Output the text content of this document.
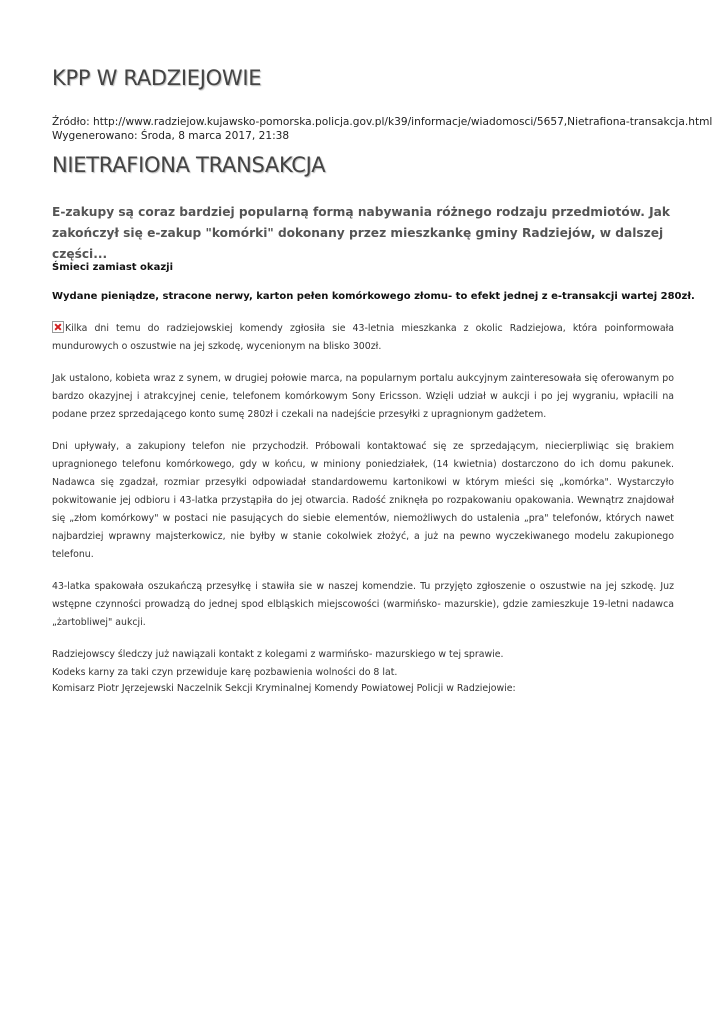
KPP W RADZIEJOWIE
Źródło: http://www.radziejow.kujawsko-pomorska.policja.gov.pl/k39/informacje/wiadomosci/5657,Nietrafiona-transakcja.html
Wygenerowano: Środa, 8 marca 2017, 21:38
NIETRAFIONA TRANSAKCJA
E-zakupy są coraz bardziej popularną formą nabywania różnego rodzaju przedmiotów. Jak zakończył się e-zakup "komórki" dokonany przez mieszkankę gminy Radziejów, w dalszej części...
Śmieci zamiast okazji
Wydane pieniądze, stracone nerwy, karton pełen komórkowego złomu- to efekt jednej z e-transakcji wartej 280zł.

Kilka dni temu do radziejowskiej komendy zgłosiła sie 43-letnia mieszkanka z okolic Radziejowa, która poinformowała mundurowych o oszustwie na jej szkodę, wycenionym na blisko 300zł.

Jak ustalono, kobieta wraz z synem, w drugiej połowie marca, na popularnym portalu aukcyjnym zainteresowała się oferowanym po bardzo okazyjnej i atrakcyjnej cenie, telefonem komórkowym Sony Ericsson. Wzięli udział w aukcji i po jej wygraniu, wpłacili na podane przez sprzedającego konto sumę 280zł i czekali na nadejście przesyłki z upragnionym gadżetem.

Dni upływały, a zakupiony telefon nie przychodził. Próbowali kontaktować się ze sprzedającym, niecierpliwiąc się brakiem upragnionego telefonu komórkowego, gdy w końcu, w miniony poniedziałek, (14 kwietnia) dostarczono do ich domu pakunek. Nadawca się zgadzał, rozmiar przesyłki odpowiadał standardowemu kartonikowi w którym mieści się „komórka". Wystarczyło pokwitowanie jej odbioru i 43-latka przystąpiła do jej otwarcia. Radość zniknęła po rozpakowaniu opakowania. Wewnątrz znajdował się „złom komórkowy" w postaci nie pasujących do siebie elementów, niemożliwych do ustalenia „pra" telefonów, których nawet najbardziej wprawny majsterkowicz, nie byłby w stanie cokolwiek złożyć, a już na pewno wyczekiwanego modelu zakupionego telefonu.

43-latka spakowała oszukańczą przesyłkę i stawiła sie w naszej komendzie. Tu przyjęto zgłoszenie o oszustwie na jej szkodę. Juz wstępne czynności prowadzą do jednej spod elbląskich miejscowości (warmińsko- mazurskie), gdzie zamieszkuje 19-letni nadawca „żartobliwej" aukcji.

Radziejowscy śledczy już nawiązali kontakt z kolegami z warmińsko- mazurskiego w tej sprawie.
Kodeks karny za taki czyn przewiduje karę pozbawienia wolności do 8 lat.

Komisarz Piotr Jęrzejewski Naczelnik Sekcji Kryminalnej Komendy Powiatowej Policji w Radziejowie:
